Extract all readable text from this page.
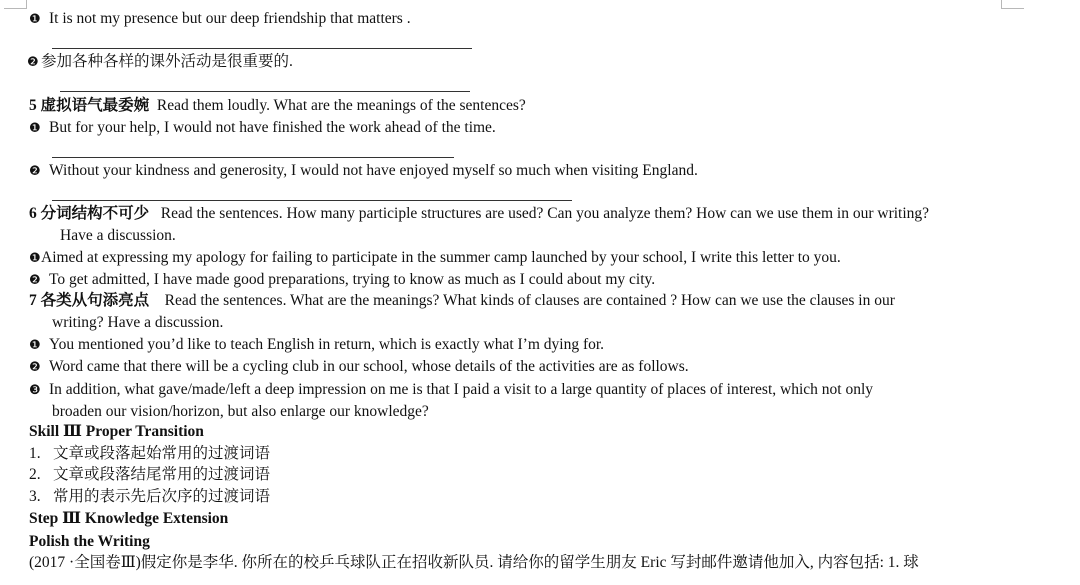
❶ It is not my presence but our deep friendship that matters .
❷ 参加各种各样的课外活动是很重要的.
5 虚拟语气最委婉 Read them loudly. What are the meanings of the sentences?
❶ But for your help, I would not have finished the work ahead of the time.
❷ Without your kindness and generosity, I would not have enjoyed myself so much when visiting England.
6 分词结构不可少 Read the sentences. How many participle structures are used? Can you analyze them? How can we use them in our writing?
Have a discussion.
❶Aimed at expressing my apology for failing to participate in the summer camp launched by your school, I write this letter to you.
❷ To get admitted, I have made good preparations, trying to know as much as I could about my city.
7 各类从句添亮点 Read the sentences. What are the meanings? What kinds of clauses are contained ? How can we use the clauses in our
writing? Have a discussion.
❶ You mentioned you’d like to teach English in return, which is exactly what I’m dying for.
❷ Word came that there will be a cycling club in our school, whose details of the activities are as follows.
❸ In addition, what gave/made/left a deep impression on me is that I paid a visit to a large quantity of places of interest, which not only
broaden our vision/horizon, but also enlarge our knowledge?
Skill Ⅲ Proper Transition
1. 文章或段落起始常用的过渡词语
2. 文章或段落结尾常用的过渡词语
3. 常用的表示先后次序的过渡词语
Step Ⅲ Knowledge Extension
Polish the Writing
(2017 ·全国卷Ⅲ)假定你是李华. 你所在的校乒乓球队正在招收新队员. 请给你的留学生朋友 Eric 写封邮件邀请他加入, 内容包括: 1. 球
